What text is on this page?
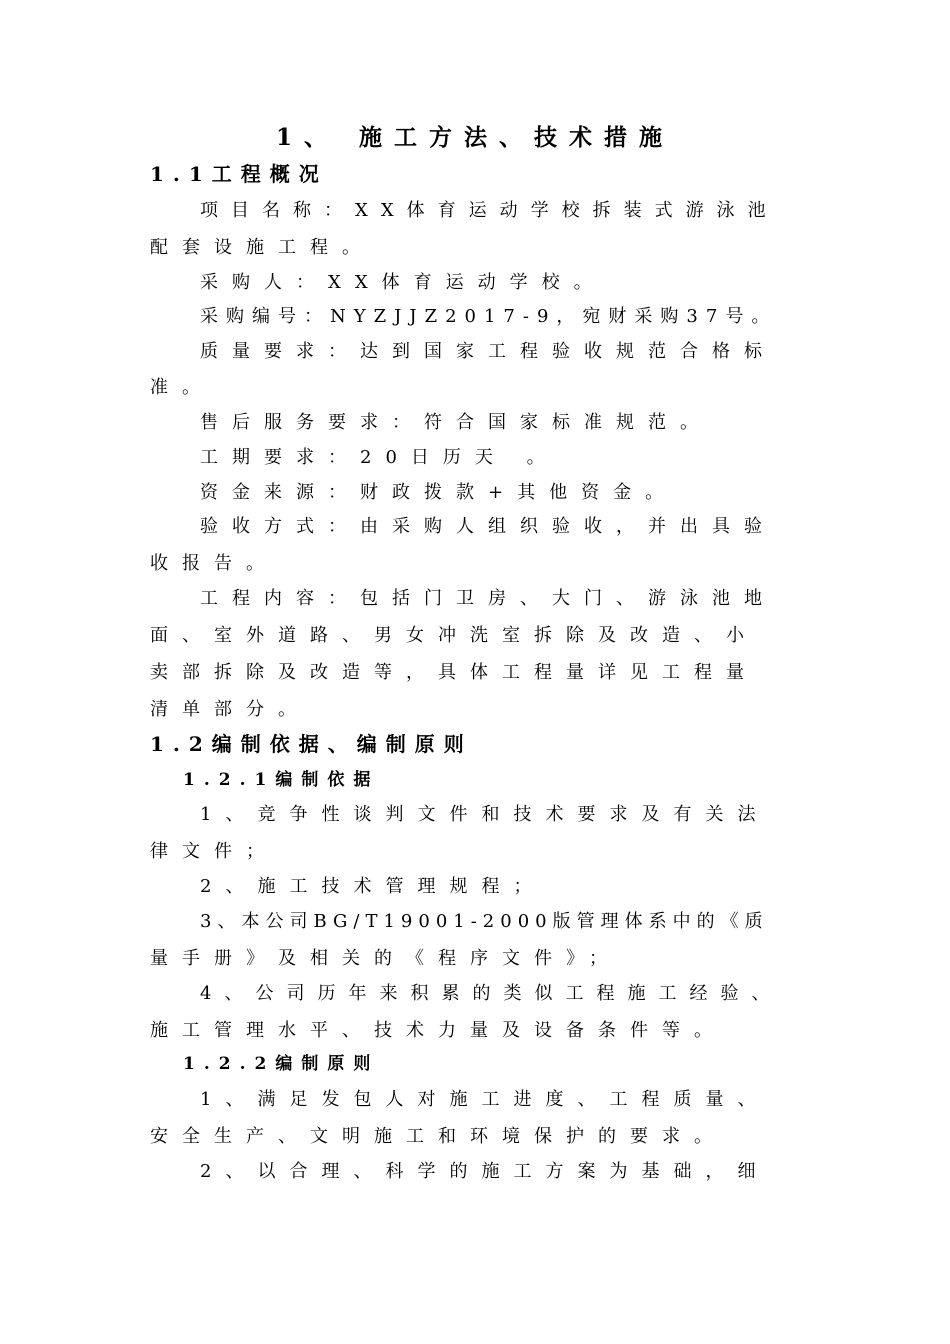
1、 施工方法、技术措施
1.1工程概况
项目名称：XX体育运动学校拆装式游泳池
配套设施工程。
采购人：XX体育运动学校。
采购编号：NYZJJZ2017-9，宛财采购37号。
质量要求：达到国家工程验收规范合格标
准。
售后服务要求：符合国家标准规范。
工期要求：20日历天 。
资金来源：财政拨款+其他资金。
验收方式：由采购人组织验收，并出具验
收报告。
工程内容：包括门卫房、大门、游泳池地
面、室外道路、男女冲洗室拆除及改造、小
卖部拆除及改造等，具体工程量详见工程量
清单部分。
1.2编制依据、编制原则
1.2.1编制依据
1、竞争性谈判文件和技术要求及有关法
律文件；
2、施工技术管理规程；
3、本公司BG/T19001-2000版管理体系中的《质
量手册》及相关的《程序文件》；
4、公司历年来积累的类似工程施工经验、
施工管理水平、技术力量及设备条件等。
1.2.2编制原则
1、满足发包人对施工进度、工程质量、
安全生产、文明施工和环境保护的要求。
2、以合理、科学的施工方案为基础，细
